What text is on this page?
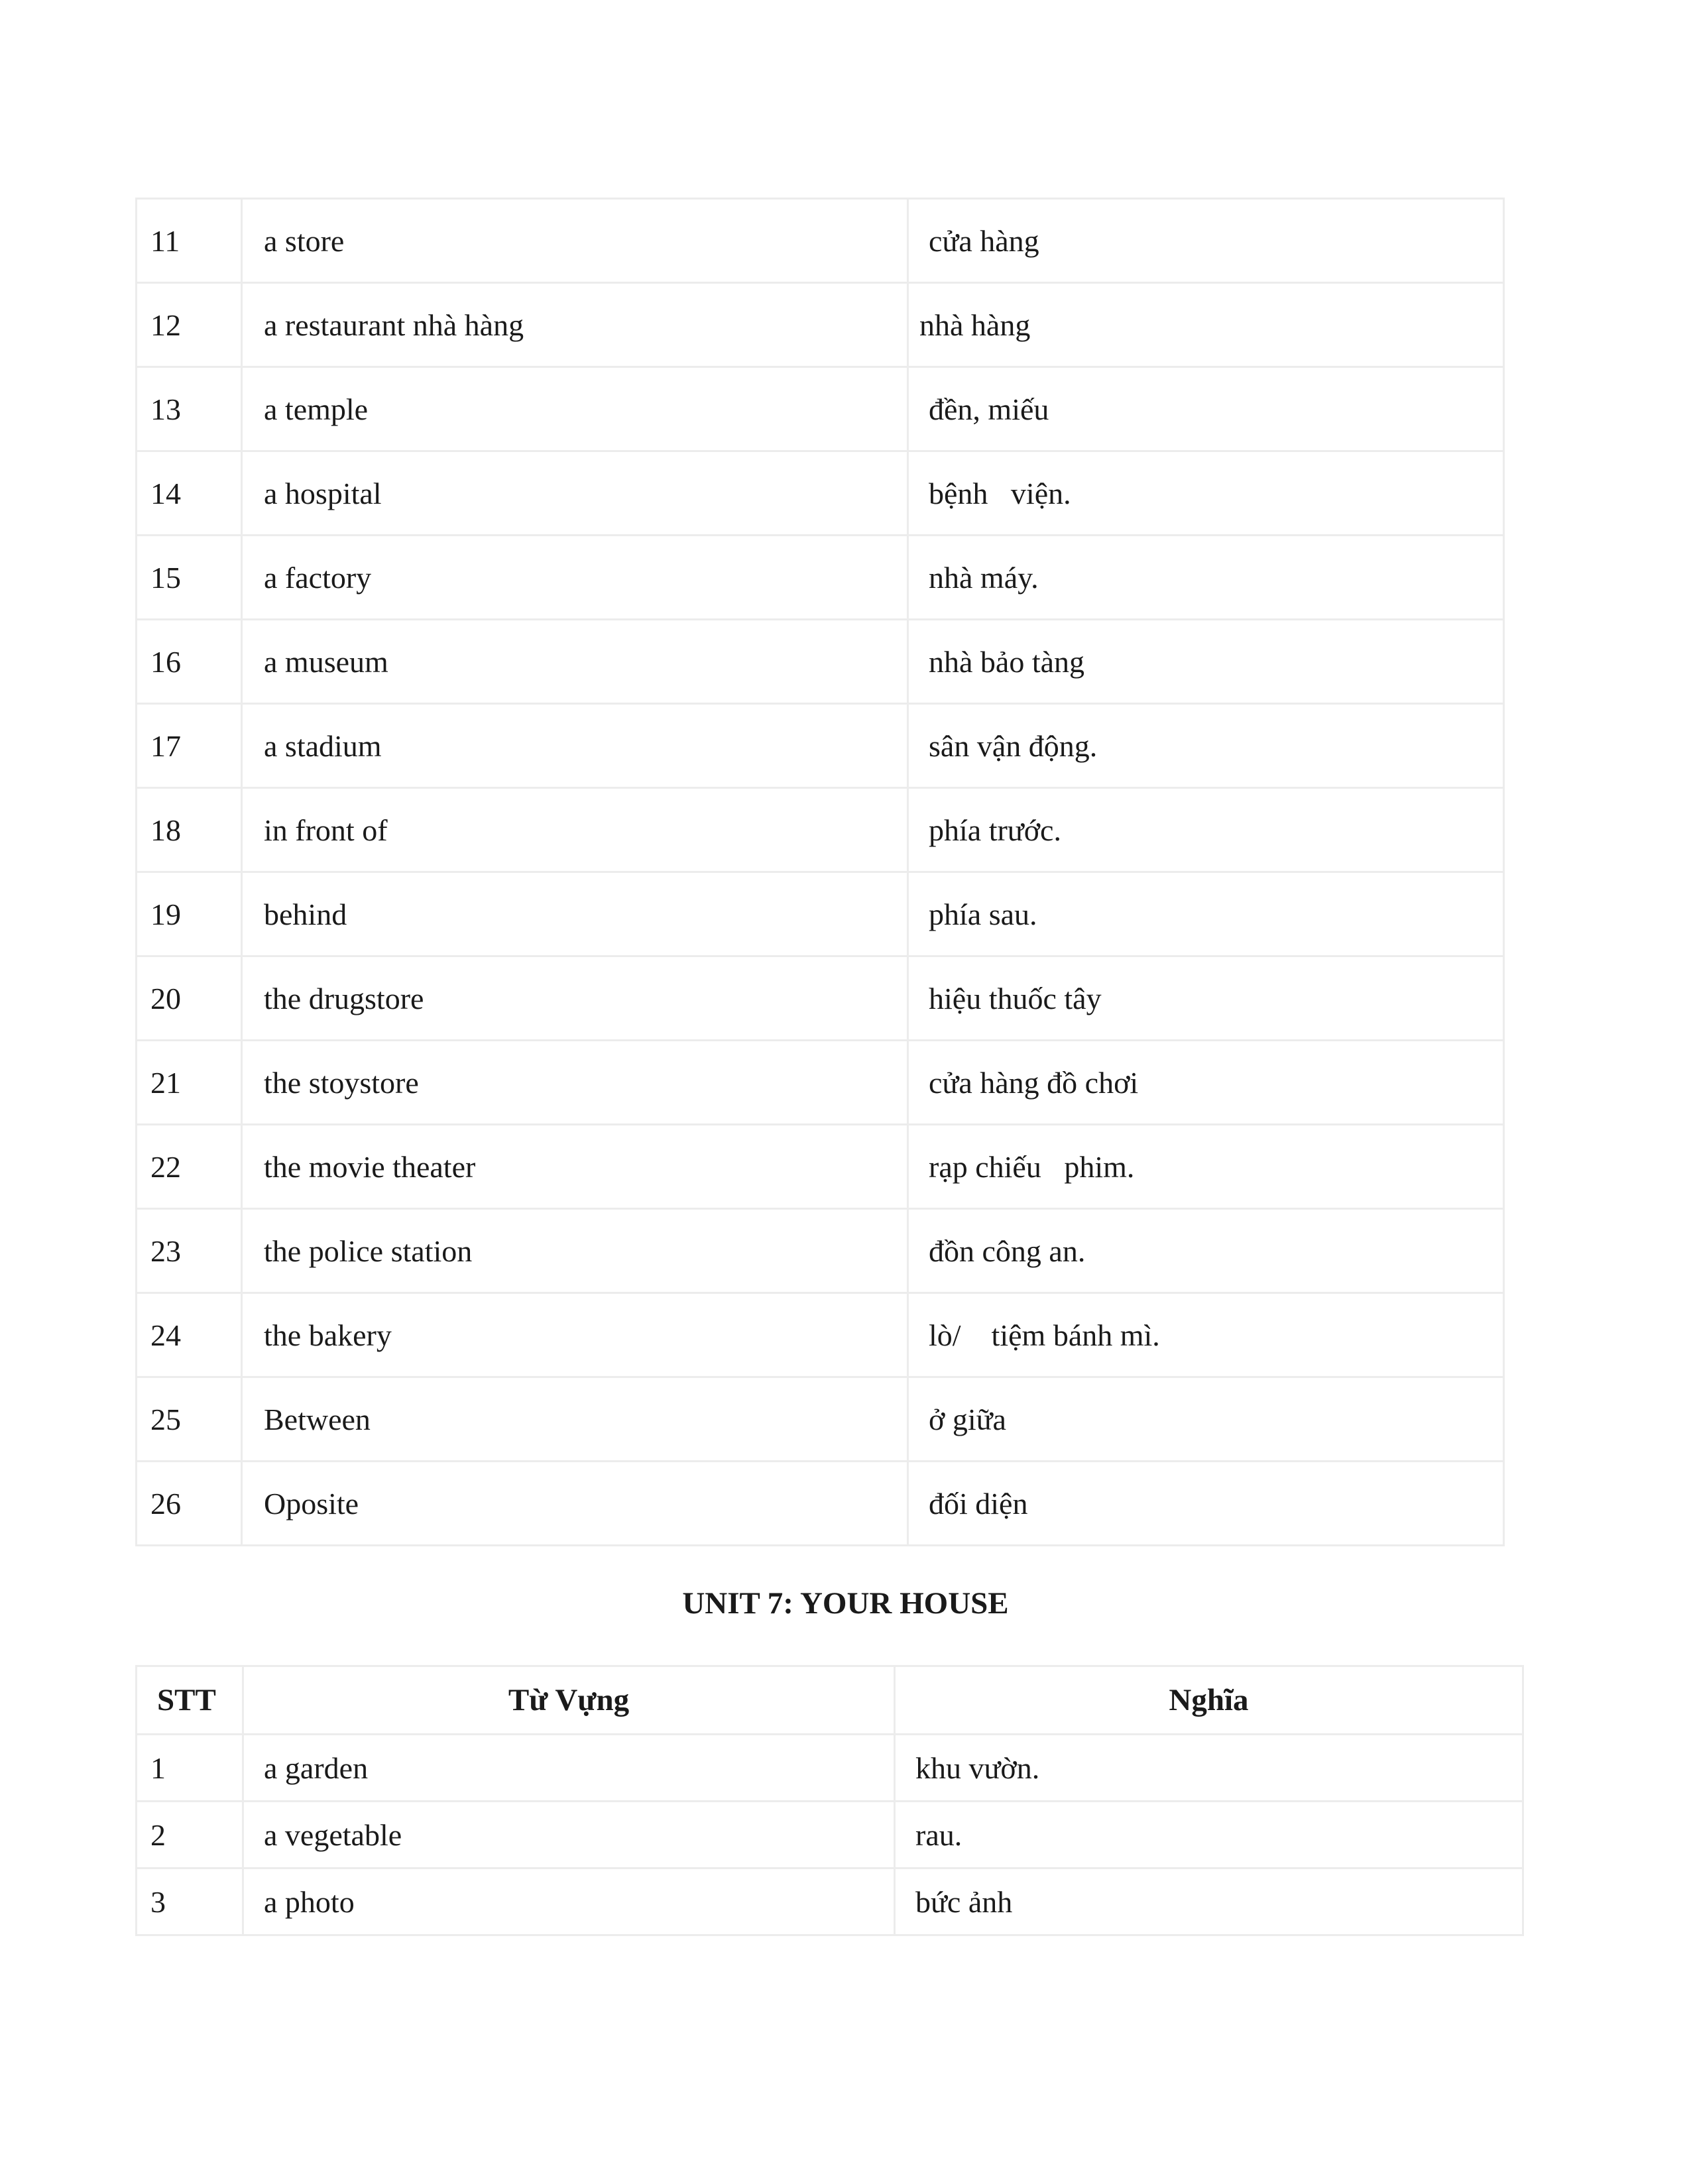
11	a store	cửa hàng
12	a restaurant nhà hàng	nhà hàng
13	a temple	đền, miếu
14	a hospital	bệnh   viện.
15	a factory	nhà máy.
16	a museum	nhà bảo tàng
17	a stadium	sân vận động.
18	in front of	phía trước.
19	behind	phía sau.
20	the drugstore	hiệu thuốc tây
21	the stoystore	cửa hàng đồ chơi
22	the movie theater	rạp chiếu   phim.
23	the police station	đồn công an.
24	the bakery	lò/    tiệm bánh mì.
25	Between	ở giữa
26	Oposite	đối diện
UNIT 7: YOUR HOUSE
STT	Từ Vựng	Nghĩa
1	a garden	khu vườn.
2	a vegetable	rau.
3	a photo	bức ảnh
